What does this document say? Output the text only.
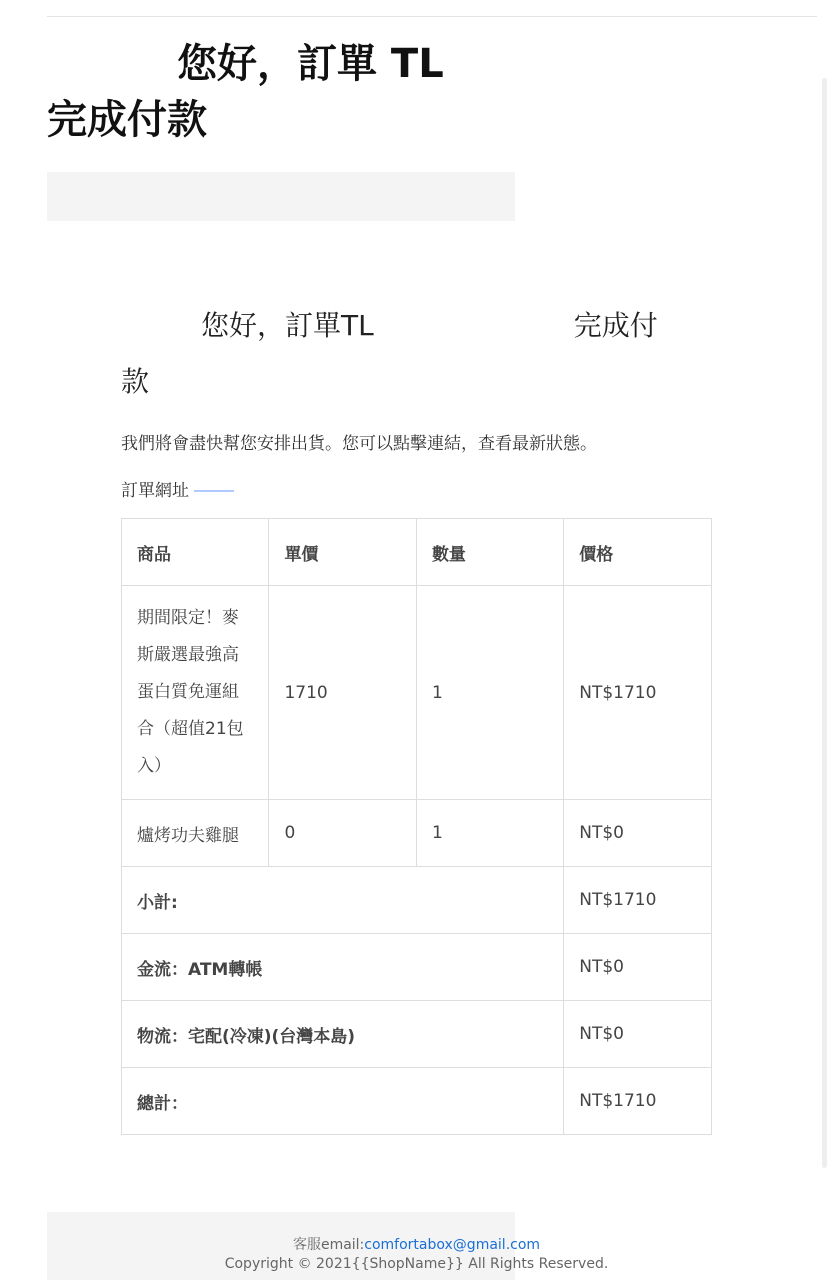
您好，訂單 TL
完成付款
您好，訂單TL	完成付
款

我們將會盡快幫您安排出貨。您可以點擊連結，查看最新狀態。

訂單網址

商品	單價	數量	價格
期間限定！麥斯嚴選最強高蛋白質免運組合（超值21包入）	1710	1	NT$1710
爐烤功夫雞腿	0	1	NT$0
小計:			NT$1710
金流：ATM轉帳			NT$0
物流：宅配(冷凍)(台灣本島)			NT$0
總計：			NT$1710
客服email:comfortabox@gmail.com
Copyright © 2021{{ShopName}} All Rights Reserved.
